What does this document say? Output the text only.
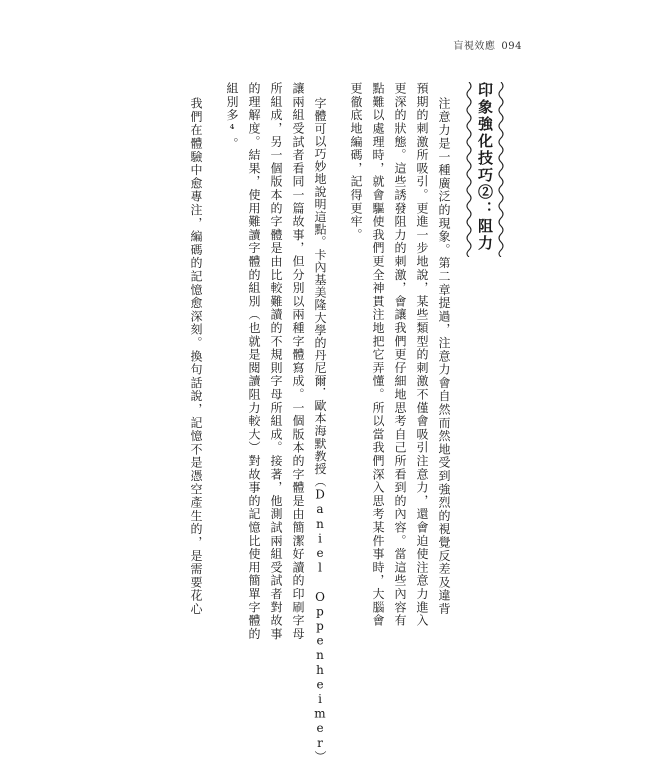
盲視效應 094
印象強化技巧②：阻力
注意力是一種廣泛的現象。第二章提過，注意力會自然而然地受到強烈的視覺反差及違背
預期的刺激所吸引。更進一步地說，某些類型的刺激不僅會吸引注意力，還會迫使注意力進入
更深的狀態。這些誘發阻力的刺激，會讓我們更仔細地思考自己所看到的內容。當這些內容有
點難以處理時，就會驅使我們更全神貫注地把它弄懂。所以當我們深入思考某件事時，大腦會
更徹底地編碼，記得更牢。
字體可以巧妙地說明這點。卡內基美隆大學的丹尼爾．歐本海默教授（Daniel Oppenheimer）
讓兩組受試者看同一篇故事，但分別以兩種字體寫成。一個版本的字體是由簡潔好讀的印刷字母
所組成，另一個版本的字體是由比較難讀的不規則字母所組成。接著，他測試兩組受試者對故事
的理解度。結果，使用難讀字體的組別（也就是閱讀阻力較大）對故事的記憶比使用簡單字體的
組別多⁴。
我們在體驗中愈專注，編碼的記憶愈深刻。換句話說，記憶不是憑空產生的，是需要花心
